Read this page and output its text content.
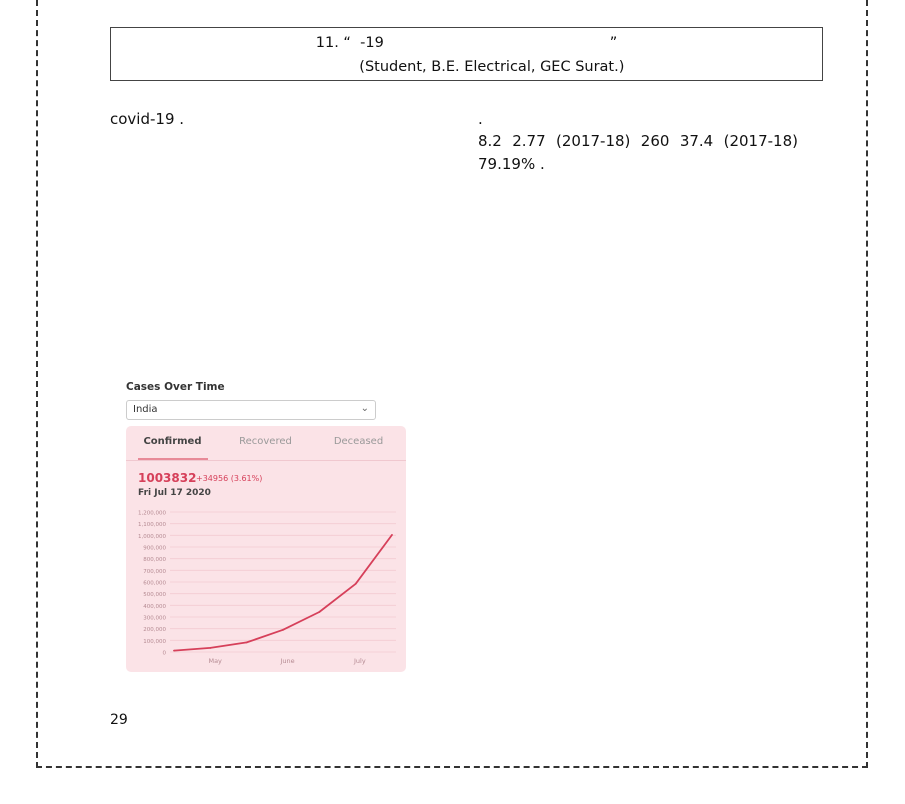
11. “  -19                                                 ”
(Student, B.E. Electrical, GEC Surat.)

covid-19 .	.

8.2 2.77 (2017-18) 260 37.4 (2017-18) 79.19% .

Cases Over Time
India	⌄
Confirmed	Recovered	Deceased
1003832 +34956 (3.61%)
Fri Jul 17 2020
0
100,000
200,000
300,000
400,000
500,000
600,000
700,000
800,000
900,000
1,000,000
1,100,000
1,200,000
May	June	July
29
